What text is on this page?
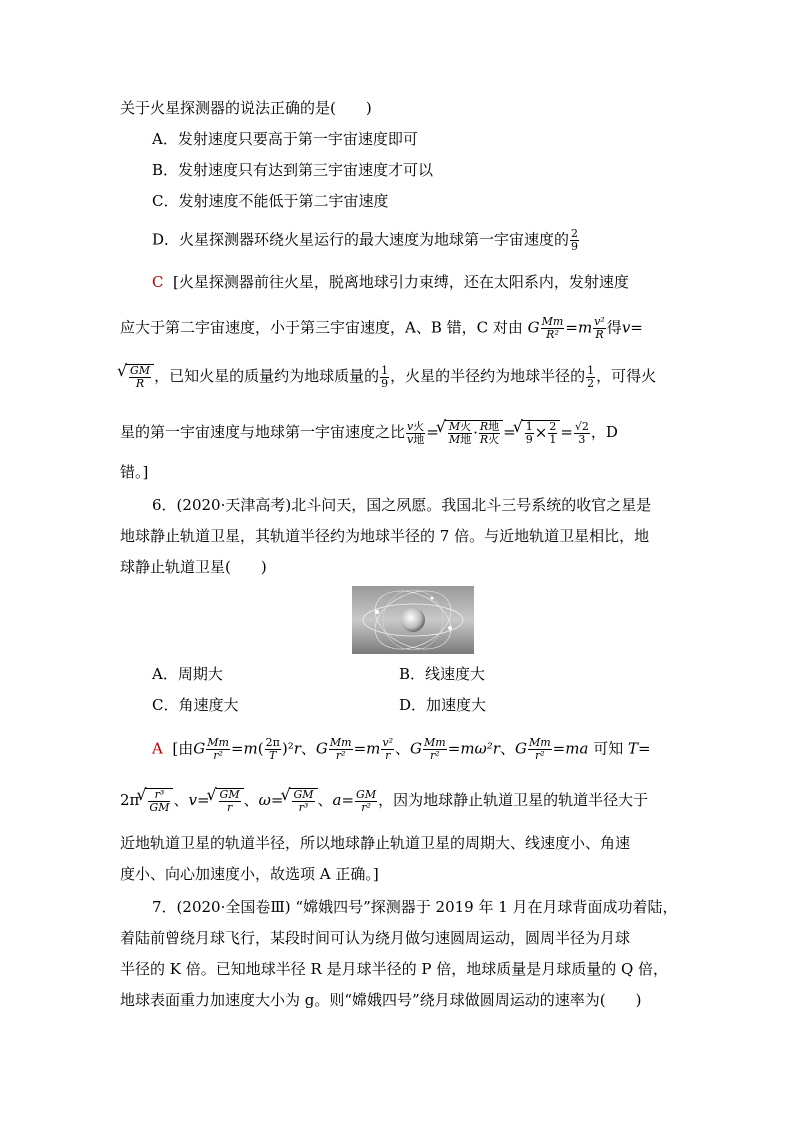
关于火星探测器的说法正确的是(　　)
A．发射速度只要高于第一宇宙速度即可
B．发射速度只有达到第三宇宙速度才可以
C．发射速度不能低于第二宇宙速度
D．火星探测器环绕火星运行的最大速度为地球第一宇宙速度的 $\frac{2}{9}$
C [火星探测器前往火星，脱离地球引力束缚，还在太阳系内，发射速度
应大于第二宇宙速度，小于第三宇宙速度，A、B 错，C 对由 G $\frac{Mm}{\text{R²}} =m \frac{\text{v²}}{R}$ 得v=
√ $\frac{GM}{R}$ ，已知火星的质量约为地球质量的 $\frac{1}{9}$ ，火星的半径约为地球半径的 $\frac{1}{2}$ ，可得火
星的第一宇宙速度与地球第一宇宙速度之比 $\frac{\text{v火}}{\text{v地}}$ = √ $\frac{\text{M火}}{\text{M地}} \cdot \frac{\text{R地}}{\text{R火}}$ = √ $\frac{1}{9} \times \frac{2}{1} = \frac{√2}{3}$ ，D
错。]
6．(2020·天津高考)北斗问天，国之夙愿。我国北斗三号系统的收官之星是
地球静止轨道卫星，其轨道半径约为地球半径的 7 倍。与近地轨道卫星相比，地
球静止轨道卫星(　　)
A．周期大	B．线速度大
C．角速度大	D．加速度大
A [由G $\frac{Mm}{\text{r²}} =m( \frac{2\pi}{T} )^2r$、G $\frac{Mm}{\text{r²}} =m \frac{\text{v²}}{r}$ 、G $\frac{Mm}{\text{r²}} =m\omega^2r$、G $\frac{Mm}{\text{r²}} =ma$ 可知 T=
2π √ $\frac{\text{r³}}{GM}$ 、v= √ $\frac{GM}{r}$ 、ω= √ $\frac{GM}{\text{r³}}$ 、$a= \frac{GM}{\text{r²}}$ ，因为地球静止轨道卫星的轨道半径大于
近地轨道卫星的轨道半径，所以地球静止轨道卫星的周期大、线速度小、角速
度小、向心加速度小，故选项 A 正确。]
7．(2020·全国卷Ⅲ) “嫦娥四号”探测器于 2019 年 1 月在月球背面成功着陆，
着陆前曾绕月球飞行，某段时间可认为绕月做匀速圆周运动，圆周半径为月球
半径的 K 倍。已知地球半径 R 是月球半径的 P 倍，地球质量是月球质量的 Q 倍，
地球表面重力加速度大小为 g。则“嫦娥四号”绕月球做圆周运动的速率为(　　)
